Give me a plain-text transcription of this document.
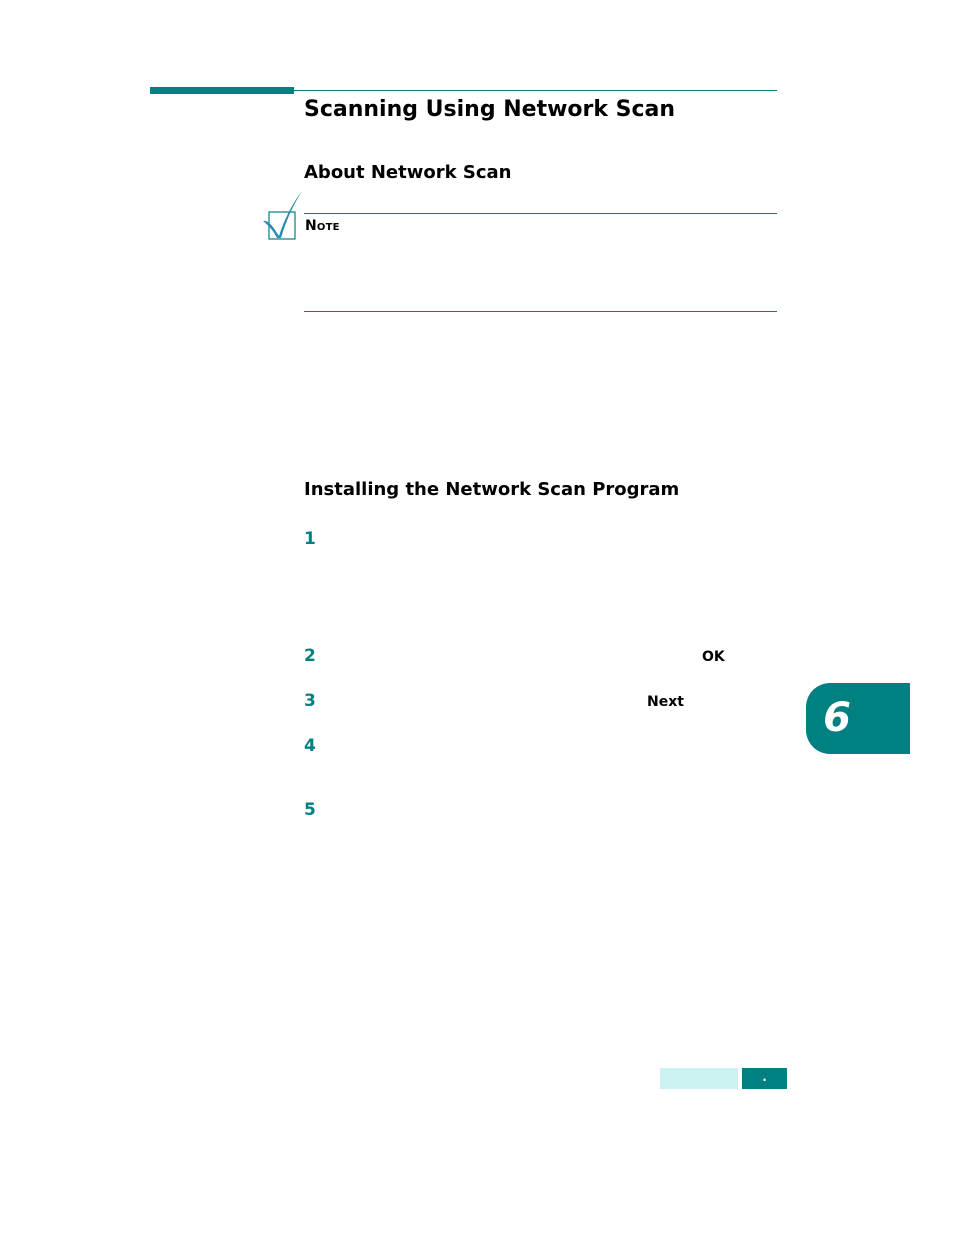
Scanning Using Network Scan
About Network Scan
Note
Installing the Network Scan Program
1
2	OK
3	Next
4
5
6
.
